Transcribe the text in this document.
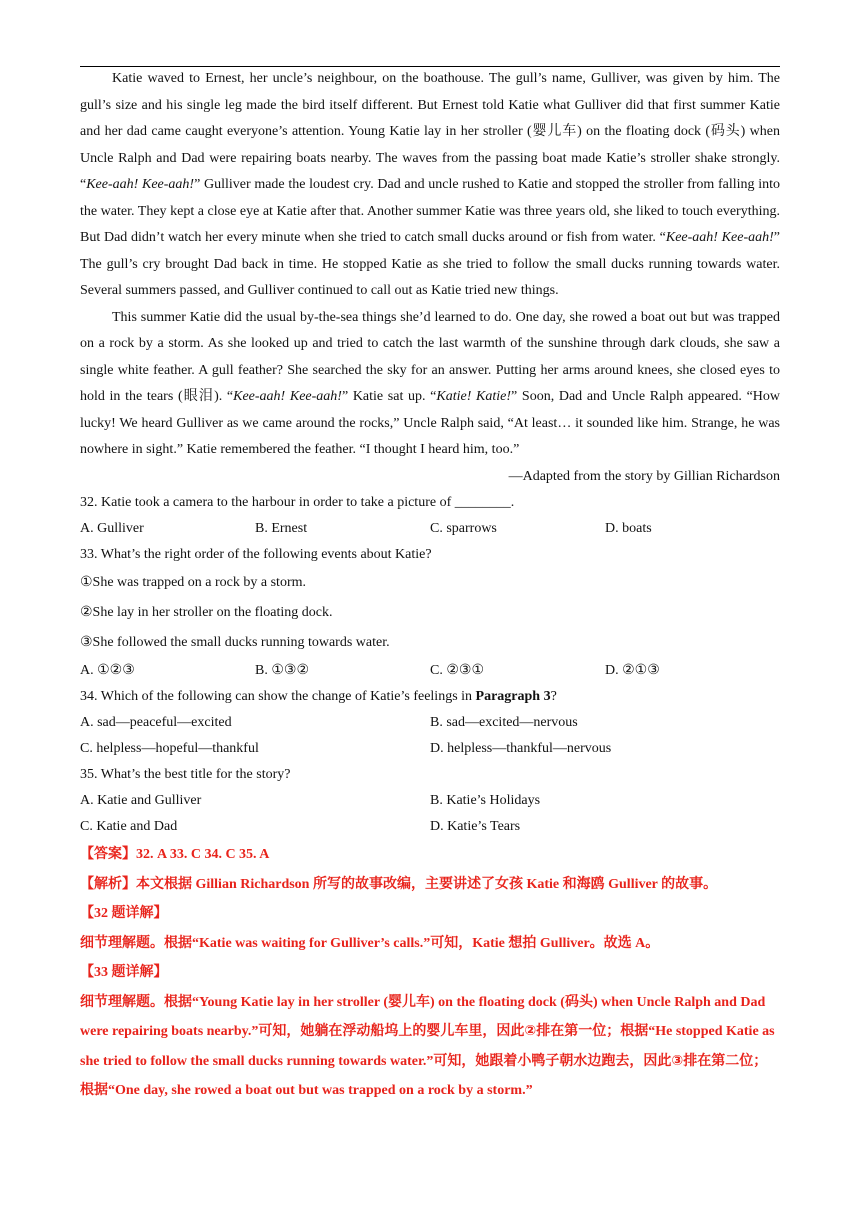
Katie waved to Ernest, her uncle’s neighbour, on the boathouse. The gull’s name, Gulliver, was given by him. The gull’s size and his single leg made the bird itself different. But Ernest told Katie what Gulliver did that first summer Katie and her dad came caught everyone’s attention. Young Katie lay in her stroller (婴儿车) on the floating dock (码头) when Uncle Ralph and Dad were repairing boats nearby. The waves from the passing boat made Katie’s stroller shake strongly. “Kee-aah! Kee-aah!” Gulliver made the loudest cry. Dad and uncle rushed to Katie and stopped the stroller from falling into the water. They kept a close eye at Katie after that. Another summer Katie was three years old, she liked to touch everything. But Dad didn’t watch her every minute when she tried to catch small ducks around or fish from water. “Kee-aah! Kee-aah!” The gull’s cry brought Dad back in time. He stopped Katie as she tried to follow the small ducks running towards water. Several summers passed, and Gulliver continued to call out as Katie tried new things.

This summer Katie did the usual by-the-sea things she’d learned to do. One day, she rowed a boat out but was trapped on a rock by a storm. As she looked up and tried to catch the last warmth of the sunshine through dark clouds, she saw a single white feather. A gull feather? She searched the sky for an answer. Putting her arms around knees, she closed eyes to hold in the tears (眼泪). “Kee-aah! Kee-aah!” Katie sat up. “Katie! Katie!” Soon, Dad and Uncle Ralph appeared. “How lucky! We heard Gulliver as we came around the rocks,” Uncle Ralph said, “At least… it sounded like him. Strange, he was nowhere in sight.” Katie remembered the feather. “I thought I heard him, too.”

—Adapted from the story by Gillian Richardson

32. Katie took a camera to the harbour in order to take a picture of ________.

A. Gulliver	B. Ernest	C. sparrows	D. boats

33. What’s the right order of the following events about Katie?

①She was trapped on a rock by a storm.

②She lay in her stroller on the floating dock.

③She followed the small ducks running towards water.

A. ①②③	B. ①③②	C. ②③①	D. ②①③

34. Which of the following can show the change of Katie’s feelings in Paragraph 3?

A. sad—peaceful—excited	B. sad—excited—nervous
C. helpless—hopeful—thankful	D. helpless—thankful—nervous

35. What’s the best title for the story?

A. Katie and Gulliver	B. Katie’s Holidays
C. Katie and Dad	D. Katie’s Tears

【答案】32. A 33. C 34. C 35. A

【解析】本文根据 Gillian Richardson 所写的故事改编，主要讲述了女孩 Katie 和海鸥 Gulliver 的故事。

【32 题详解】

细节理解题。根据“Katie was waiting for Gulliver’s calls.”可知，Katie 想拍 Gulliver。故选 A。

【33 题详解】

细节理解题。根据“Young Katie lay in her stroller (婴儿车) on the floating dock (码头) when Uncle Ralph and Dad were repairing boats nearby.”可知，她躺在浮动船坞上的婴儿车里，因此②排在第一位；根据“He stopped Katie as she tried to follow the small ducks running towards water.”可知，她跟着小鸭子朝水边跑去，因此③排在第二位；根据“One day, she rowed a boat out but was trapped on a rock by a storm.”
